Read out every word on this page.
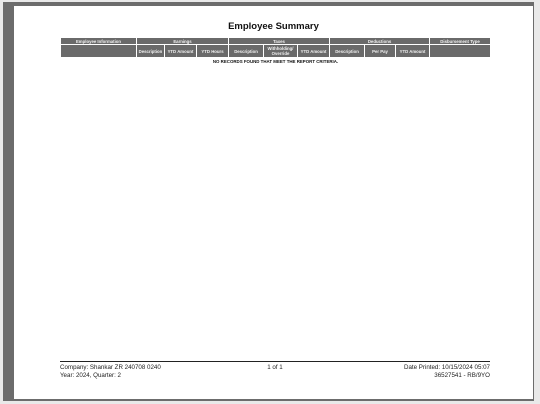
Employee Summary
Employee Information	Earnings			Taxes			Deductions			Disbursement Type
	Description	YTD Amount	YTD Hours	Description	Withholding/ Override	YTD Amount	Description	Per Pay	YTD Amount	
NO RECORDS FOUND THAT MEET THE REPORT CRITERIA.										
Company: Shankar ZR 240708 0240
Year: 2024, Quarter: 2
1 of 1	Date Printed: 10/15/2024 05:07
36527541 - RB/9YO
